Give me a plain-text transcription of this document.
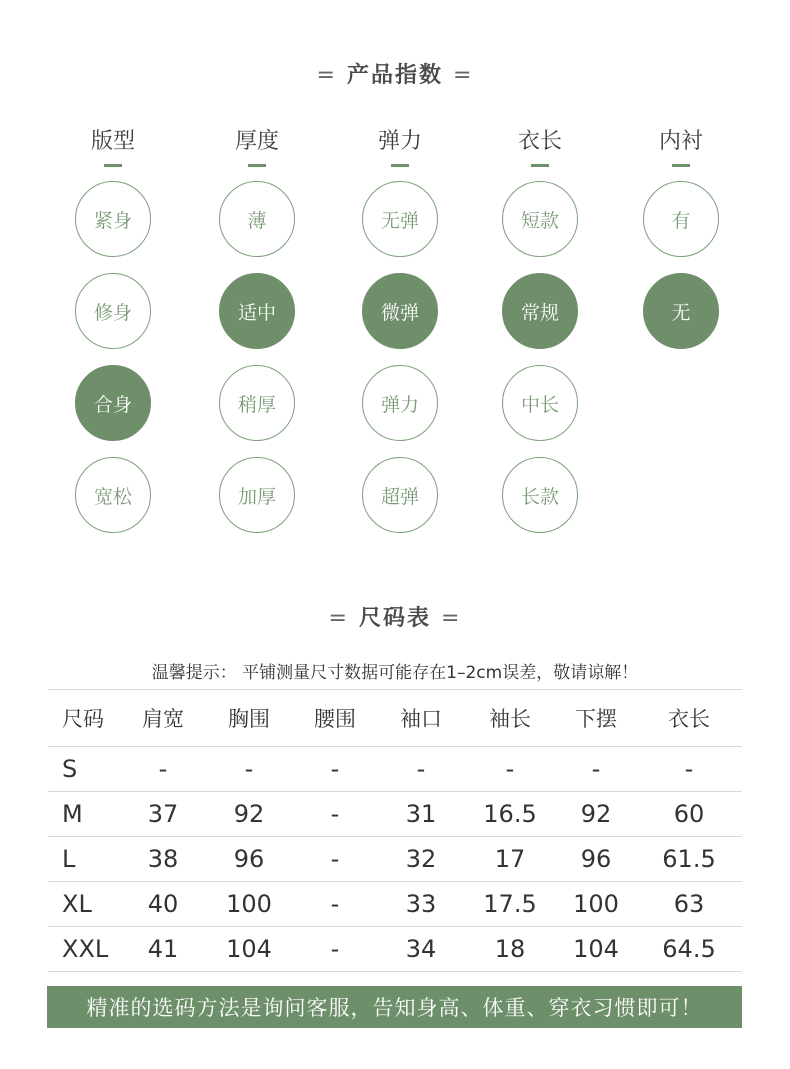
= 产品指数 =
版型
紧身
修身
合身
宽松
厚度
薄
适中
稍厚
加厚
弹力
无弹
微弹
弹力
超弹
衣长
短款
常规
中长
长款
内衬
有
无
= 尺码表 =
温馨提示： 平铺测量尺寸数据可能存在1–2cm误差，敬请谅解！
尺码	肩宽	胸围	腰围	袖口	袖长	下摆	衣长
S	-	-	-	-	-	-	-
M	37	92	-	31	16.5	92	60
L	38	96	-	32	17	96	61.5
XL	40	100	-	33	17.5	100	63
XXL	41	104	-	34	18	104	64.5
精准的选码方法是询问客服，告知身高、体重、穿衣习惯即可！
